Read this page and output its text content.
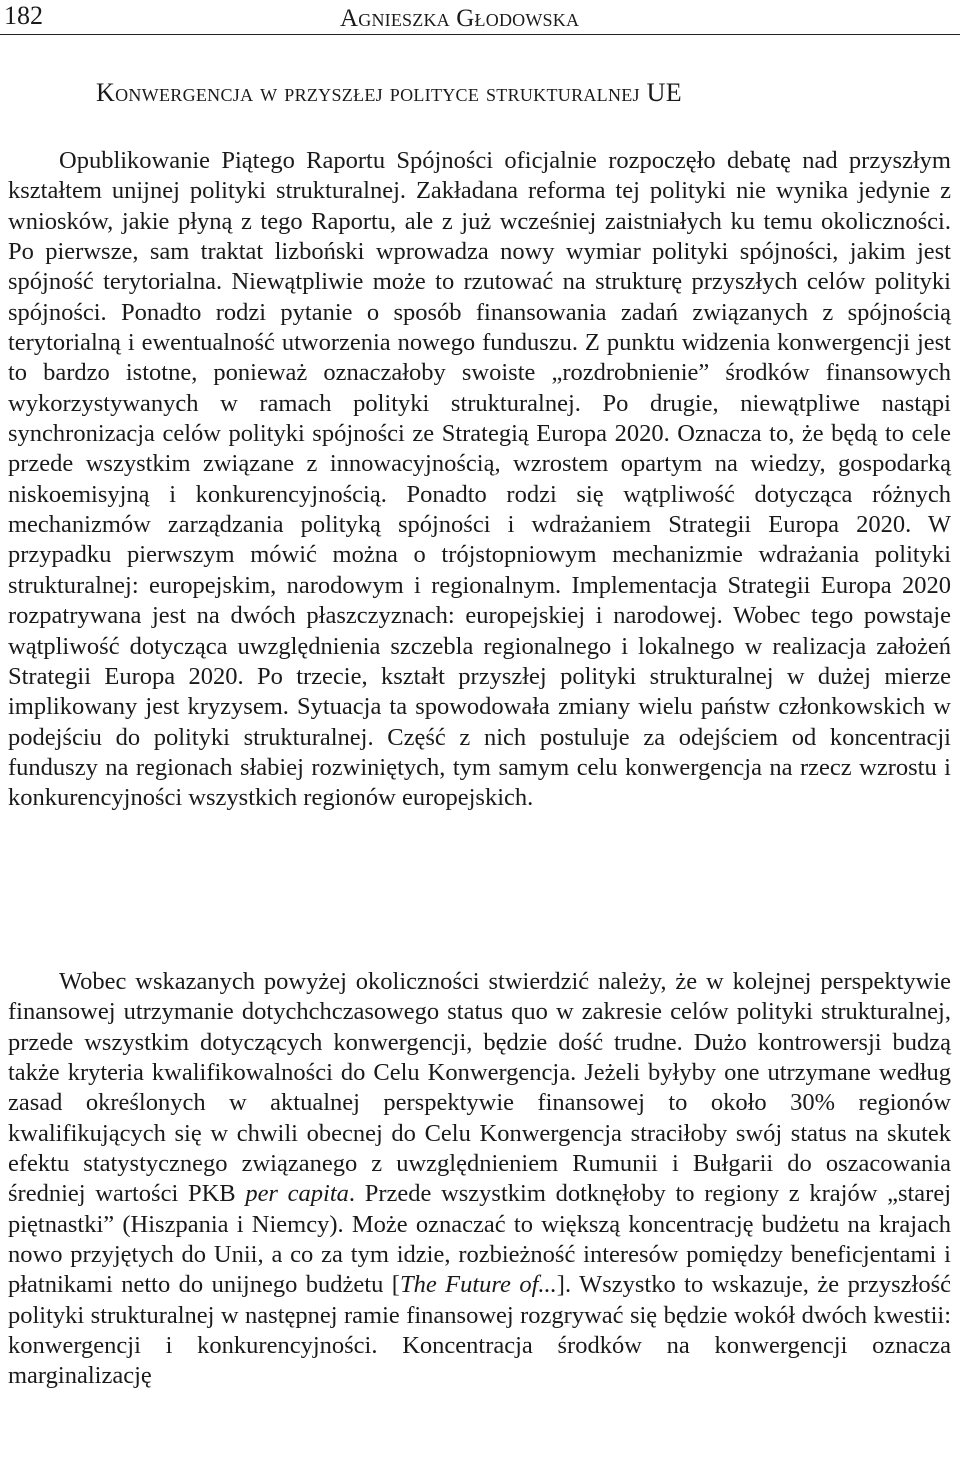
182	Agnieszka Głodowska
Konwergencja w przyszłej polityce strukturalnej UE

Opublikowanie Piątego Raportu Spójności oficjalnie rozpoczęło debatę nad przyszłym kształtem unijnej polityki strukturalnej. Zakładana reforma tej polityki nie wynika jedynie z wniosków, jakie płyną z tego Raportu, ale z już wcześniej zaistniałych ku temu okoliczności. Po pierwsze, sam traktat lizboński wprowadza nowy wymiar polityki spójności, jakim jest spójność terytorialna. Niewątpliwie może to rzutować na strukturę przyszłych celów polityki spójności. Ponadto rodzi pytanie o sposób finansowania zadań związanych z spójnością terytorialną i ewentualność utworzenia nowego funduszu. Z punktu widzenia konwergencji jest to bardzo istotne, ponieważ oznaczałoby swoiste „rozdrobnienie” środków finansowych wykorzystywanych w ramach polityki strukturalnej. Po drugie, niewątpliwe nastąpi synchronizacja celów polityki spójności ze Strategią Europa 2020. Oznacza to, że będą to cele przede wszystkim związane z innowacyjnością, wzrostem opartym na wiedzy, gospodarką niskoemisyjną i konkurencyjnością. Ponadto rodzi się wątpliwość dotycząca różnych mechanizmów zarządzania polityką spójności i wdrażaniem Strategii Europa 2020. W przypadku pierwszym mówić można o trójstopniowym mechanizmie wdrażania polityki strukturalnej: europejskim, narodowym i regionalnym. Implementacja Strategii Europa 2020 rozpatrywana jest na dwóch płaszczyznach: europejskiej i narodowej. Wobec tego powstaje wątpliwość dotycząca uwzględnienia szczebla regionalnego i lokalnego w realizacja założeń Strategii Europa 2020. Po trzecie, kształt przyszłej polityki strukturalnej w dużej mierze implikowany jest kryzysem. Sytuacja ta spowodowała zmiany wielu państw członkowskich w podejściu do polityki strukturalnej. Część z nich postuluje za odejściem od koncentracji funduszy na regionach słabiej rozwiniętych, tym samym celu konwergencja na rzecz wzrostu i konkurencyjności wszystkich regionów europejskich.

Wobec wskazanych powyżej okoliczności stwierdzić należy, że w kolejnej perspektywie finansowej utrzymanie dotychchczasowego status quo w zakresie celów polityki strukturalnej, przede wszystkim dotyczących konwergencji, będzie dość trudne. Dużo kontrowersji budzą także kryteria kwalifikowalności do Celu Konwergencja. Jeżeli byłyby one utrzymane według zasad określonych w aktualnej perspektywie finansowej to około 30% regionów kwalifikujących się w chwili obecnej do Celu Konwergencja straciłoby swój status na skutek efektu statystycznego związanego z uwzględnieniem Rumunii i Bułgarii do oszacowania średniej wartości PKB per capita. Przede wszystkim dotknęłoby to regiony z krajów „starej piętnastki” (Hiszpania i Niemcy). Może oznaczać to większą koncentrację budżetu na krajach nowo przyjętych do Unii, a co za tym idzie, rozbieżność interesów pomiędzy beneficjentami i płatnikami netto do unijnego budżetu [The Future of...]. Wszystko to wskazuje, że przyszłość polityki strukturalnej w następnej ramie finansowej rozgrywać się będzie wokół dwóch kwestii: konwergencji i konkurencyjności. Koncentracja środków na konwergencji oznacza marginalizację
